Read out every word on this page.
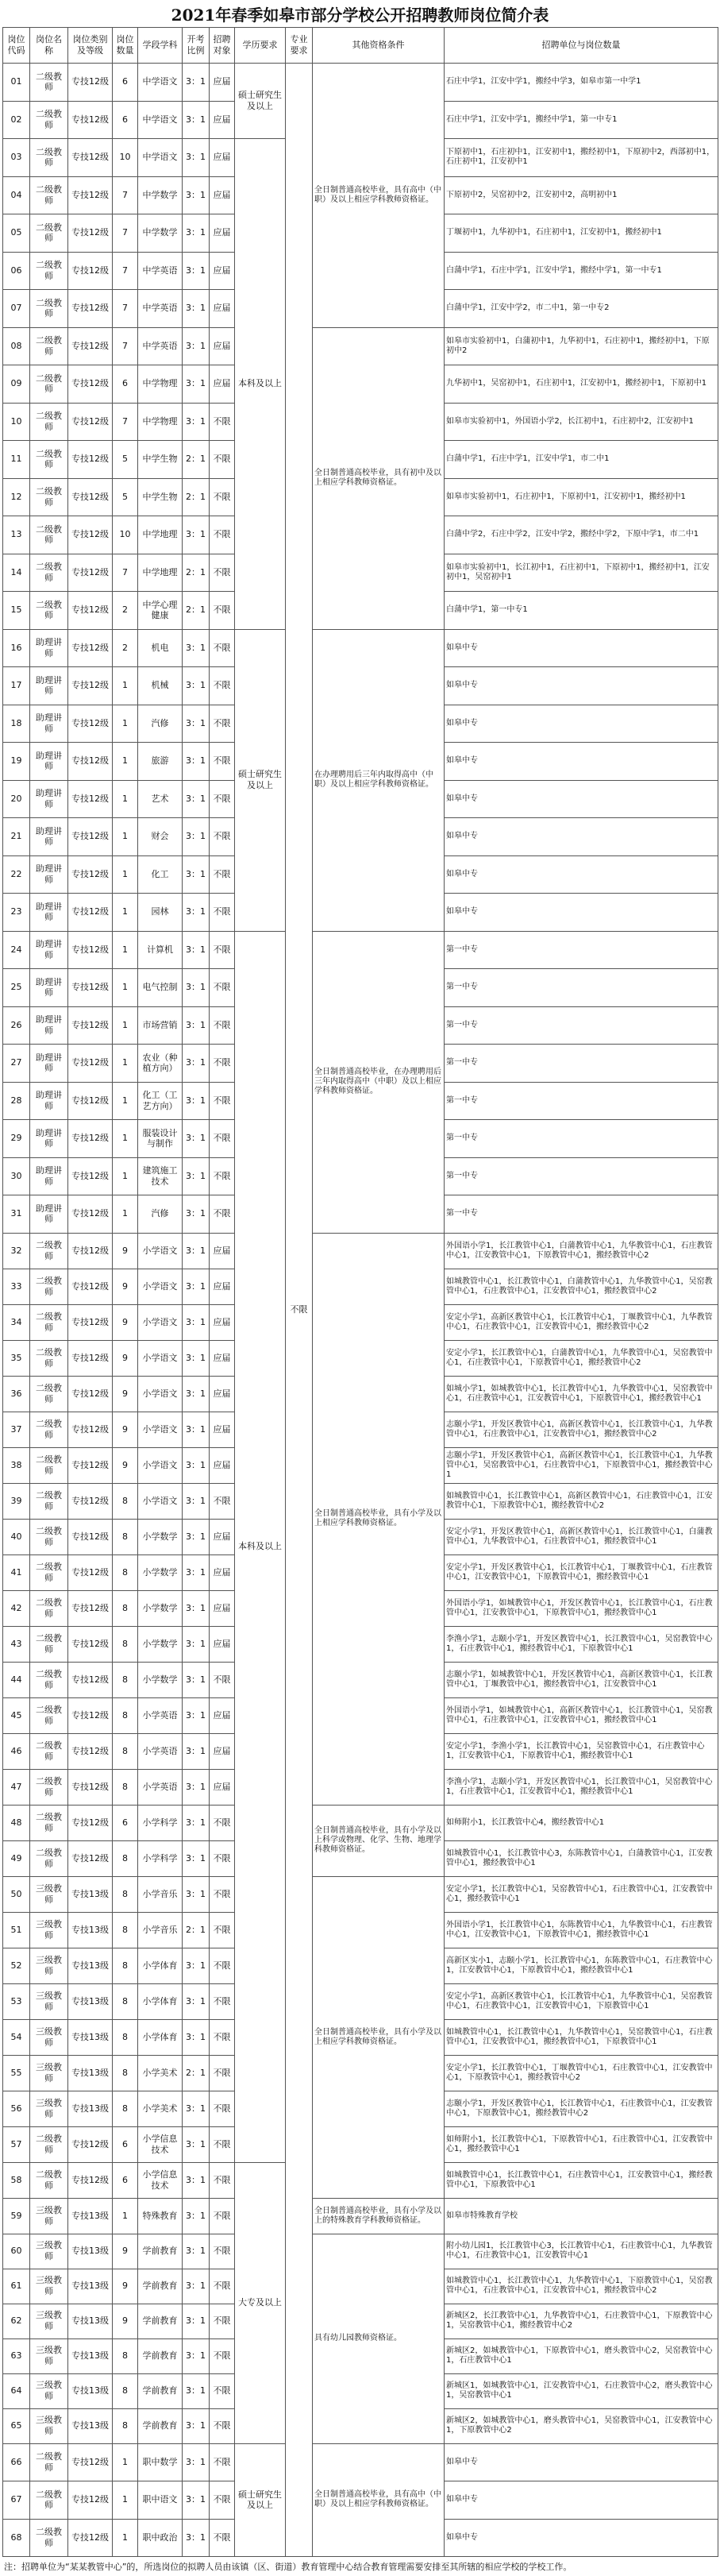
2021年春季如皋市部分学校公开招聘教师岗位简介表
岗位代码	岗位名称	岗位类别及等级	岗位数量	学段学科	开考比例	招聘对象	学历要求	专业要求	其他资格条件	招聘单位与岗位数量
01	二级教师	专技12级	6	中学语文	3：1	应届	硕士研究生及以上	不限	全日制普通高校毕业，具有高中（中职）及以上相应学科教师资格证。	石庄中学1，江安中学1，搬经中学3，如皋市第一中学1
02	二级教师	专技12级	6	中学语文	3：1	应届				石庄中学1，江安中学1，搬经中学1，第一中专1
03	二级教师	专技12级	10	中学语文	3：1	应届	本科及以上			下原初中1，石庄初中1，江安初中1，搬经初中1，下原初中2，西部初中1，石庄初中1，江安初中1
04	二级教师	专技12级	7	中学数学	3：1	应届				下原初中2，吴窑初中2，江安初中2，高明初中1
05	二级教师	专技12级	7	中学数学	3：1	应届				丁堰初中1，九华初中1，石庄初中1，江安初中1，搬经初中1
06	二级教师	专技12级	7	中学英语	3：1	应届				白蒲中学1，石庄中学1，江安中学1，搬经中学1，第一中专1
07	二级教师	专技12级	7	中学英语	3：1	应届				白蒲中学1，江安中学2，市二中1，第一中专2
08	二级教师	专技12级	7	中学英语	3：1	应届			全日制普通高校毕业，具有初中及以上相应学科教师资格证。	如皋市实验初中1，白蒲初中1，九华初中1，石庄初中1，搬经初中1，下原初中2
09	二级教师	专技12级	6	中学物理	3：1	应届				九华初中1，吴窑初中1，石庄初中1，江安初中1，搬经初中1，下原初中1
10	二级教师	专技12级	7	中学物理	3：1	不限				如皋市实验初中1，外国语小学2，长江初中1，石庄初中2，江安初中1
11	二级教师	专技12级	5	中学生物	2：1	不限				白蒲中学1，石庄中学1，江安中学1，市二中1
12	二级教师	专技12级	5	中学生物	2：1	不限				如皋市实验初中1，石庄初中1，下原初中1，江安初中1，搬经初中1
13	二级教师	专技12级	10	中学地理	3：1	不限				白蒲中学2，石庄中学2，江安中学2，搬经中学2，下原中学1，市二中1
14	二级教师	专技12级	7	中学地理	2：1	不限				如皋市实验初中1，长江初中1，石庄初中1，下原初中1，搬经初中1，江安初中1，吴窑初中1
15	二级教师	专技12级	2	中学心理健康	2：1	不限				白蒲中学1，第一中专1
16	助理讲师	专技12级	2	机电	3：1	不限	硕士研究生及以上		在办理聘用后三年内取得高中（中职）及以上相应学科教师资格证。	如皋中专
17	助理讲师	专技12级	1	机械	3：1	不限				如皋中专
18	助理讲师	专技12级	1	汽修	3：1	不限				如皋中专
19	助理讲师	专技12级	1	旅游	3：1	不限				如皋中专
20	助理讲师	专技12级	1	艺术	3：1	不限				如皋中专
21	助理讲师	专技12级	1	财会	3：1	不限				如皋中专
22	助理讲师	专技12级	1	化工	3：1	不限				如皋中专
23	助理讲师	专技12级	1	园林	3：1	不限				如皋中专
24	助理讲师	专技12级	1	计算机	3：1	不限	本科及以上		全日制普通高校毕业，在办理聘用后三年内取得高中（中职）及以上相应学科教师资格证。	第一中专
25	助理讲师	专技12级	1	电气控制	3：1	不限				第一中专
26	助理讲师	专技12级	1	市场营销	3：1	不限				第一中专
27	助理讲师	专技12级	1	农业（种植方向）	3：1	不限				第一中专
28	助理讲师	专技12级	1	化工（工艺方向）	3：1	不限				第一中专
29	助理讲师	专技12级	1	服装设计与制作	3：1	不限				第一中专
30	助理讲师	专技12级	1	建筑施工技术	3：1	不限				第一中专
31	助理讲师	专技12级	1	汽修	3：1	不限				第一中专
32	二级教师	专技12级	9	小学语文	3：1	应届			全日制普通高校毕业，具有小学及以上相应学科教师资格证。	外国语小学1，长江教管中心1，白蒲教管中心1，九华教管中心1，石庄教管中心1，江安教管中心1，下原教管中心1，搬经教管中心2
33	二级教师	专技12级	9	小学语文	3：1	应届				如城教管中心1，长江教管中心1，白蒲教管中心1，九华教管中心1，吴窑教管中心1，石庄教管中心1，江安教管中心1，搬经教管中心2
34	二级教师	专技12级	9	小学语文	3：1	应届				安定小学1，高新区教管中心1，长江教管中心1，丁堰教管中心1，九华教管中心1，石庄教管中心1，江安教管中心1，搬经教管中心2
35	二级教师	专技12级	9	小学语文	3：1	应届				安定小学1，长江教管中心1，白蒲教管中心1，九华教管中心1，吴窑教管中心1，石庄教管中心1，下原教管中心1，搬经教管中心2
36	二级教师	专技12级	9	小学语文	3：1	应届				如城小学1，如城教管中心1，长江教管中心1，九华教管中心1，吴窑教管中心1，石庄教管中心1，江安教管中心1，下原教管中心1，搬经教管中心1
37	二级教师	专技12级	9	小学语文	3：1	应届				志颐小学1，开发区教管中心1，高新区教管中心1，长江教管中心1，九华教管中心1，石庄教管中心1，江安教管中心1，搬经教管中心2
38	二级教师	专技12级	9	小学语文	3：1	应届				志颐小学1，开发区教管中心1，高新区教管中心1，长江教管中心1，九华教管中心1，吴窑教管中心1，石庄教管中心1，下原教管中心1，搬经教管中心1
39	二级教师	专技12级	8	小学语文	3：1	不限				如城教管中心1，长江教管中心1，高新区教管中心1，石庄教管中心1，江安教管中心1，下原教管中心1，搬经教管中心2
40	二级教师	专技12级	8	小学数学	3：1	应届				安定小学1，开发区教管中心1，高新区教管中心1，长江教管中心1，白蒲教管中心1，九华教管中心1，石庄教管中心1，搬经教管中心1
41	二级教师	专技12级	8	小学数学	3：1	应届				安定小学1，开发区教管中心1，长江教管中心1，丁堰教管中心1，石庄教管中心1，江安教管中心1，下原教管中心1，搬经教管中心1
42	二级教师	专技12级	8	小学数学	3：1	应届				外国语小学1，如城教管中心1，开发区教管中心1，长江教管中心1，石庄教管中心1，江安教管中心1，下原教管中心1，搬经教管中心1
43	二级教师	专技12级	8	小学数学	3：1	应届				李渔小学1，志颐小学1，开发区教管中心1，长江教管中心1，吴窑教管中心1，石庄教管中心1，搬经教管中心1，下原教管中心1
44	二级教师	专技12级	8	小学数学	3：1	不限				志颐小学1，如城教管中心1，开发区教管中心1，高新区教管中心1，长江教管中心1，丁堰教管中心1，搬经教管中心1，江安教管中心1
45	二级教师	专技12级	8	小学英语	3：1	应届				外国语小学1，如城教管中心1，高新区教管中心1，长江教管中心1，吴窑教管中心1，石庄教管中心1，江安教管中心1，搬经教管中心1
46	二级教师	专技12级	8	小学英语	3：1	应届				安定小学1，李渔小学1，长江教管中心1，吴窑教管中心1，石庄教管中心1，江安教管中心1，下原教管中心1，搬经教管中心1
47	二级教师	专技12级	8	小学英语	3：1	应届				李渔小学1，志颐小学1，开发区教管中心1，长江教管中心1，吴窑教管中心1，石庄教管中心1，江安教管中心1，搬经教管中心1
48	二级教师	专技12级	6	小学科学	3：1	不限			全日制普通高校毕业，具有小学及以上科学或物理、化学、生物、地理学科教师资格证。	如师附小1，长江教管中心4，搬经教管中心1
49	二级教师	专技12级	8	小学科学	3：1	不限				如城教管中心1，长江教管中心3，东陈教管中心1，白蒲教管中心1，江安教管中心1，搬经教管中心1
50	三级教师	专技13级	8	小学音乐	3：1	不限			全日制普通高校毕业，具有小学及以上相应学科教师资格证。	安定小学1，长江教管中心1，吴窑教管中心1，石庄教管中心1，江安教管中心1，搬经教管中心1
51	三级教师	专技13级	8	小学音乐	2：1	不限				外国语小学1，长江教管中心1，东陈教管中心1，九华教管中心1，石庄教管中心1，江安教管中心1，下原教管中心1，搬经教管中心1
52	三级教师	专技13级	8	小学体育	3：1	不限				高新区实小1，志颐小学1，长江教管中心1，东陈教管中心1，石庄教管中心1，江安教管中心1，下原教管中心1，搬经教管中心1
53	三级教师	专技13级	8	小学体育	3：1	不限				安定小学1，高新区教管中心1，长江教管中心1，九华教管中心1，吴窑教管中心1，石庄教管中心1，江安教管中心1，下原教管中心1
54	三级教师	专技13级	8	小学体育	3：1	不限				如城教管中心1，长江教管中心1，九华教管中心1，吴窑教管中心1，石庄教管中心1，江安教管中心1，搬经教管中心1，下原教管中心1
55	三级教师	专技13级	8	小学美术	2：1	不限				安定小学1，长江教管中心1，丁堰教管中心1，石庄教管中心1，江安教管中心1，下原教管中心1，搬经教管中心2
56	三级教师	专技13级	8	小学美术	3：1	不限				志颐小学1，开发区教管中心1，长江教管中心1，石庄教管中心1，江安教管中心1，下原教管中心1，搬经教管中心2
57	二级教师	专技12级	6	小学信息技术	3：1	不限				如师附小1，长江教管中心1，下原教管中心1，石庄教管中心1，江安教管中心1，搬经教管中心1
58	二级教师	专技12级	6	小学信息技术	3：1	不限	大专及以上			如城教管中心1，长江教管中心1，石庄教管中心1，江安教管中心1，搬经教管中心1，下原教管中心1
59	三级教师	专技13级	1	特殊教育	3：1	不限			全日制普通高校毕业，具有小学及以上的特殊教育学科教师资格证。	如皋市特殊教育学校
60	三级教师	专技13级	9	学前教育	3：1	不限			具有幼儿园教师资格证。	附小幼儿园1，长江教管中心3，长江教管中心1，石庄教管中心1，九华教管中心1，石庄教管中心1，江安教管中心1
61	三级教师	专技13级	9	学前教育	3：1	不限				如城教管中心1，长江教管中心1，九华教管中心1，下原教管中心1，吴窑教管中心1，石庄教管中心1，江安教管中心1，搬经教管中心2
62	三级教师	专技13级	9	学前教育	3：1	不限				新城区2，长江教管中心1，九华教管中心1，石庄教管中心1，下原教管中心1，吴窑教管中心1，搬经教管中心2
63	三级教师	专技13级	8	学前教育	3：1	不限				新城区2，如城教管中心1，下原教管中心1，磨头教管中心2，吴窑教管中心1，石庄教管中心1
64	三级教师	专技13级	8	学前教育	3：1	不限				新城区1，如城教管中心1，江安教管中心1，石庄教管中心2，磨头教管中心1，吴窑教管中心1
65	三级教师	专技13级	8	学前教育	3：1	不限				新城区2，如城教管中心1，磨头教管中心1，吴窑教管中心1，江安教管中心1，下原教管中心2
66	二级教师	专技12级	1	职中数学	3：1	不限	硕士研究生及以上		全日制普通高校毕业，具有高中（中职）及以上相应学科教师资格证。	如皋中专
67	二级教师	专技12级	1	职中语文	3：1	不限				如皋中专
68	二级教师	专技12级	1	职中政治	3：1	不限				如皋中专
注：招聘单位为“某某教管中心”的，所选岗位的拟聘人员由该镇（区、街道）教育管理中心结合教育管理需要安排至其所辖的相应学校的学校工作。
